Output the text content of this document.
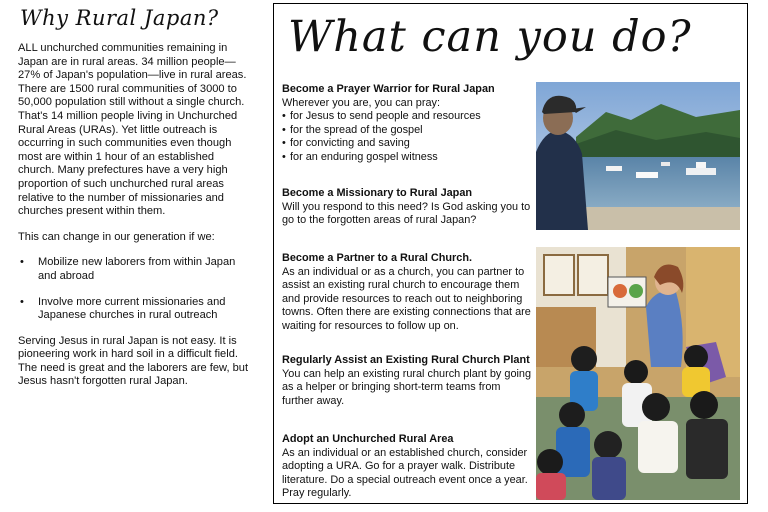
Why Rural Japan?

ALL unchurched communities remaining in Japan are in rural areas. 34 million people—27% of Japan's population—live in rural areas. There are 1500 rural communities of 3000 to 50,000 population still without a single church. That's 14 million people living in Unchurched Rural Areas (URAs). Yet little outreach is occurring in such communities even though most are within 1 hour of an established church. Many prefectures have a very high proportion of such unchurched rural areas relative to the number of missionaries and churches present within them.

This can change in our generation if we:

• Mobilize new laborers from within Japan and abroad
• Involve more current missionaries and Japanese churches in rural outreach

Serving Jesus in rural Japan is not easy. It is pioneering work in hard soil in a difficult field. The need is great and the laborers are few, but Jesus hasn't forgotten rural Japan.

What can you do?
Become a Prayer Warrior for Rural Japan
Wherever you are, you can pray:
• for Jesus to send people and resources
• for the spread of the gospel
• for convicting and saving
• for an enduring gospel witness
Become a Missionary to Rural Japan
Will you respond to this need? Is God asking you to go to the forgotten areas of rural Japan?
Become a Partner to a Rural Church.
As an individual or as a church, you can partner to assist an existing rural church to encourage them and provide resources to reach out to neighboring towns. Often there are existing connections that are waiting for resources to follow up on.
Regularly Assist an Existing Rural Church Plant
You can help an existing rural church plant by going as a helper or bringing short-term teams from further away.
Adopt an Unchurched Rural Area
As an individual or an established church, consider adopting a URA. Go for a prayer walk. Distribute literature. Do a special outreach event once a year. Pray regularly.
